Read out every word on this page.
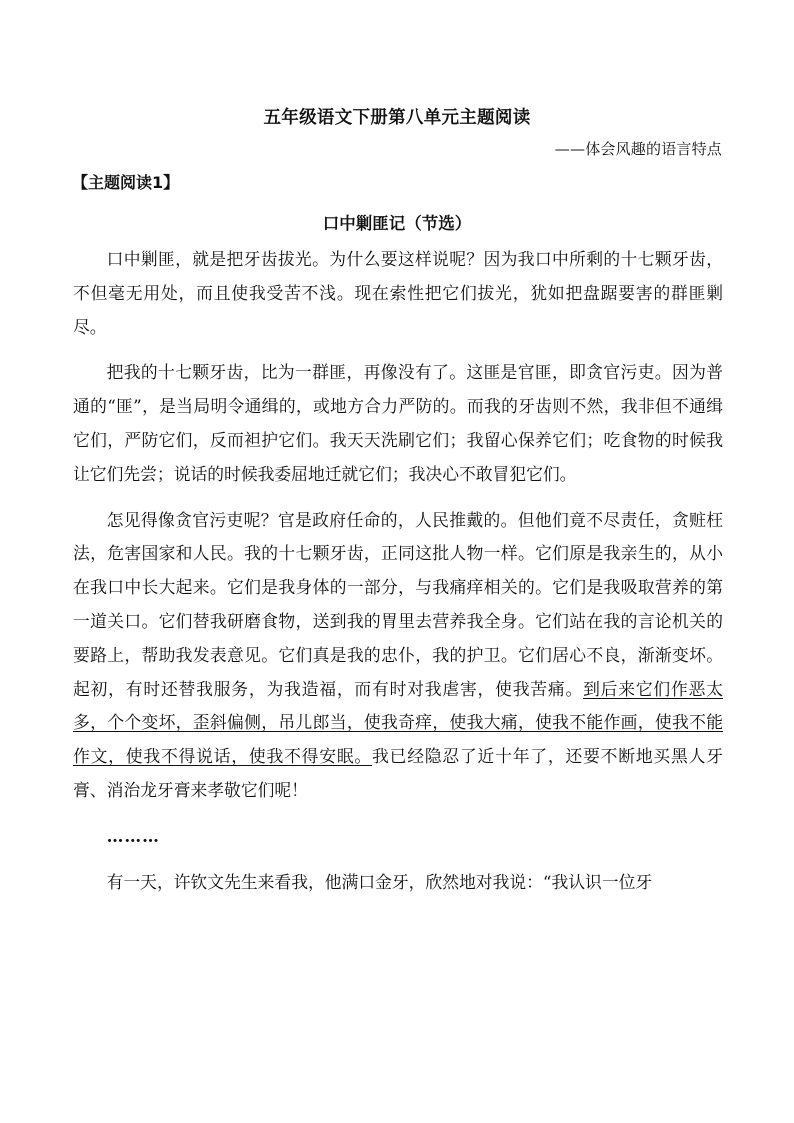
五年级语文下册第八单元主题阅读
——体会风趣的语言特点
【主题阅读1】
口中剿匪记（节选）

口中剿匪，就是把牙齿拔光。为什么要这样说呢？因为我口中所剩的十七颗牙齿，不但毫无用处，而且使我受苦不浅。现在索性把它们拔光，犹如把盘踞要害的群匪剿尽。

把我的十七颗牙齿，比为一群匪，再像没有了。这匪是官匪，即贪官污吏。因为普通的“匪”，是当局明令通缉的，或地方合力严防的。而我的牙齿则不然，我非但不通缉它们，严防它们，反而袒护它们。我天天洗刷它们；我留心保养它们；吃食物的时候我让它们先尝；说话的时候我委屈地迁就它们；我决心不敢冒犯它们。

怎见得像贪官污吏呢？官是政府任命的，人民推戴的。但他们竟不尽责任，贪赃枉法，危害国家和人民。我的十七颗牙齿，正同这批人物一样。它们原是我亲生的，从小在我口中长大起来。它们是我身体的一部分，与我痛痒相关的。它们是我吸取营养的第一道关口。它们替我研磨食物，送到我的胃里去营养我全身。它们站在我的言论机关的要路上，帮助我发表意见。它们真是我的忠仆，我的护卫。它们居心不良，渐渐变坏。起初，有时还替我服务，为我造福，而有时对我虐害，使我苦痛。到后来它们作恶太多，个个变坏，歪斜偏侧，吊儿郎当，使我奇痒，使我大痛，使我不能作画，使我不能作文，使我不得说话，使我不得安眠。我已经隐忍了近十年了，还要不断地买黑人牙膏、消治龙牙膏来孝敬它们呢！

………

有一天，许钦文先生来看我，他满口金牙，欣然地对我说：“我认识一位牙
